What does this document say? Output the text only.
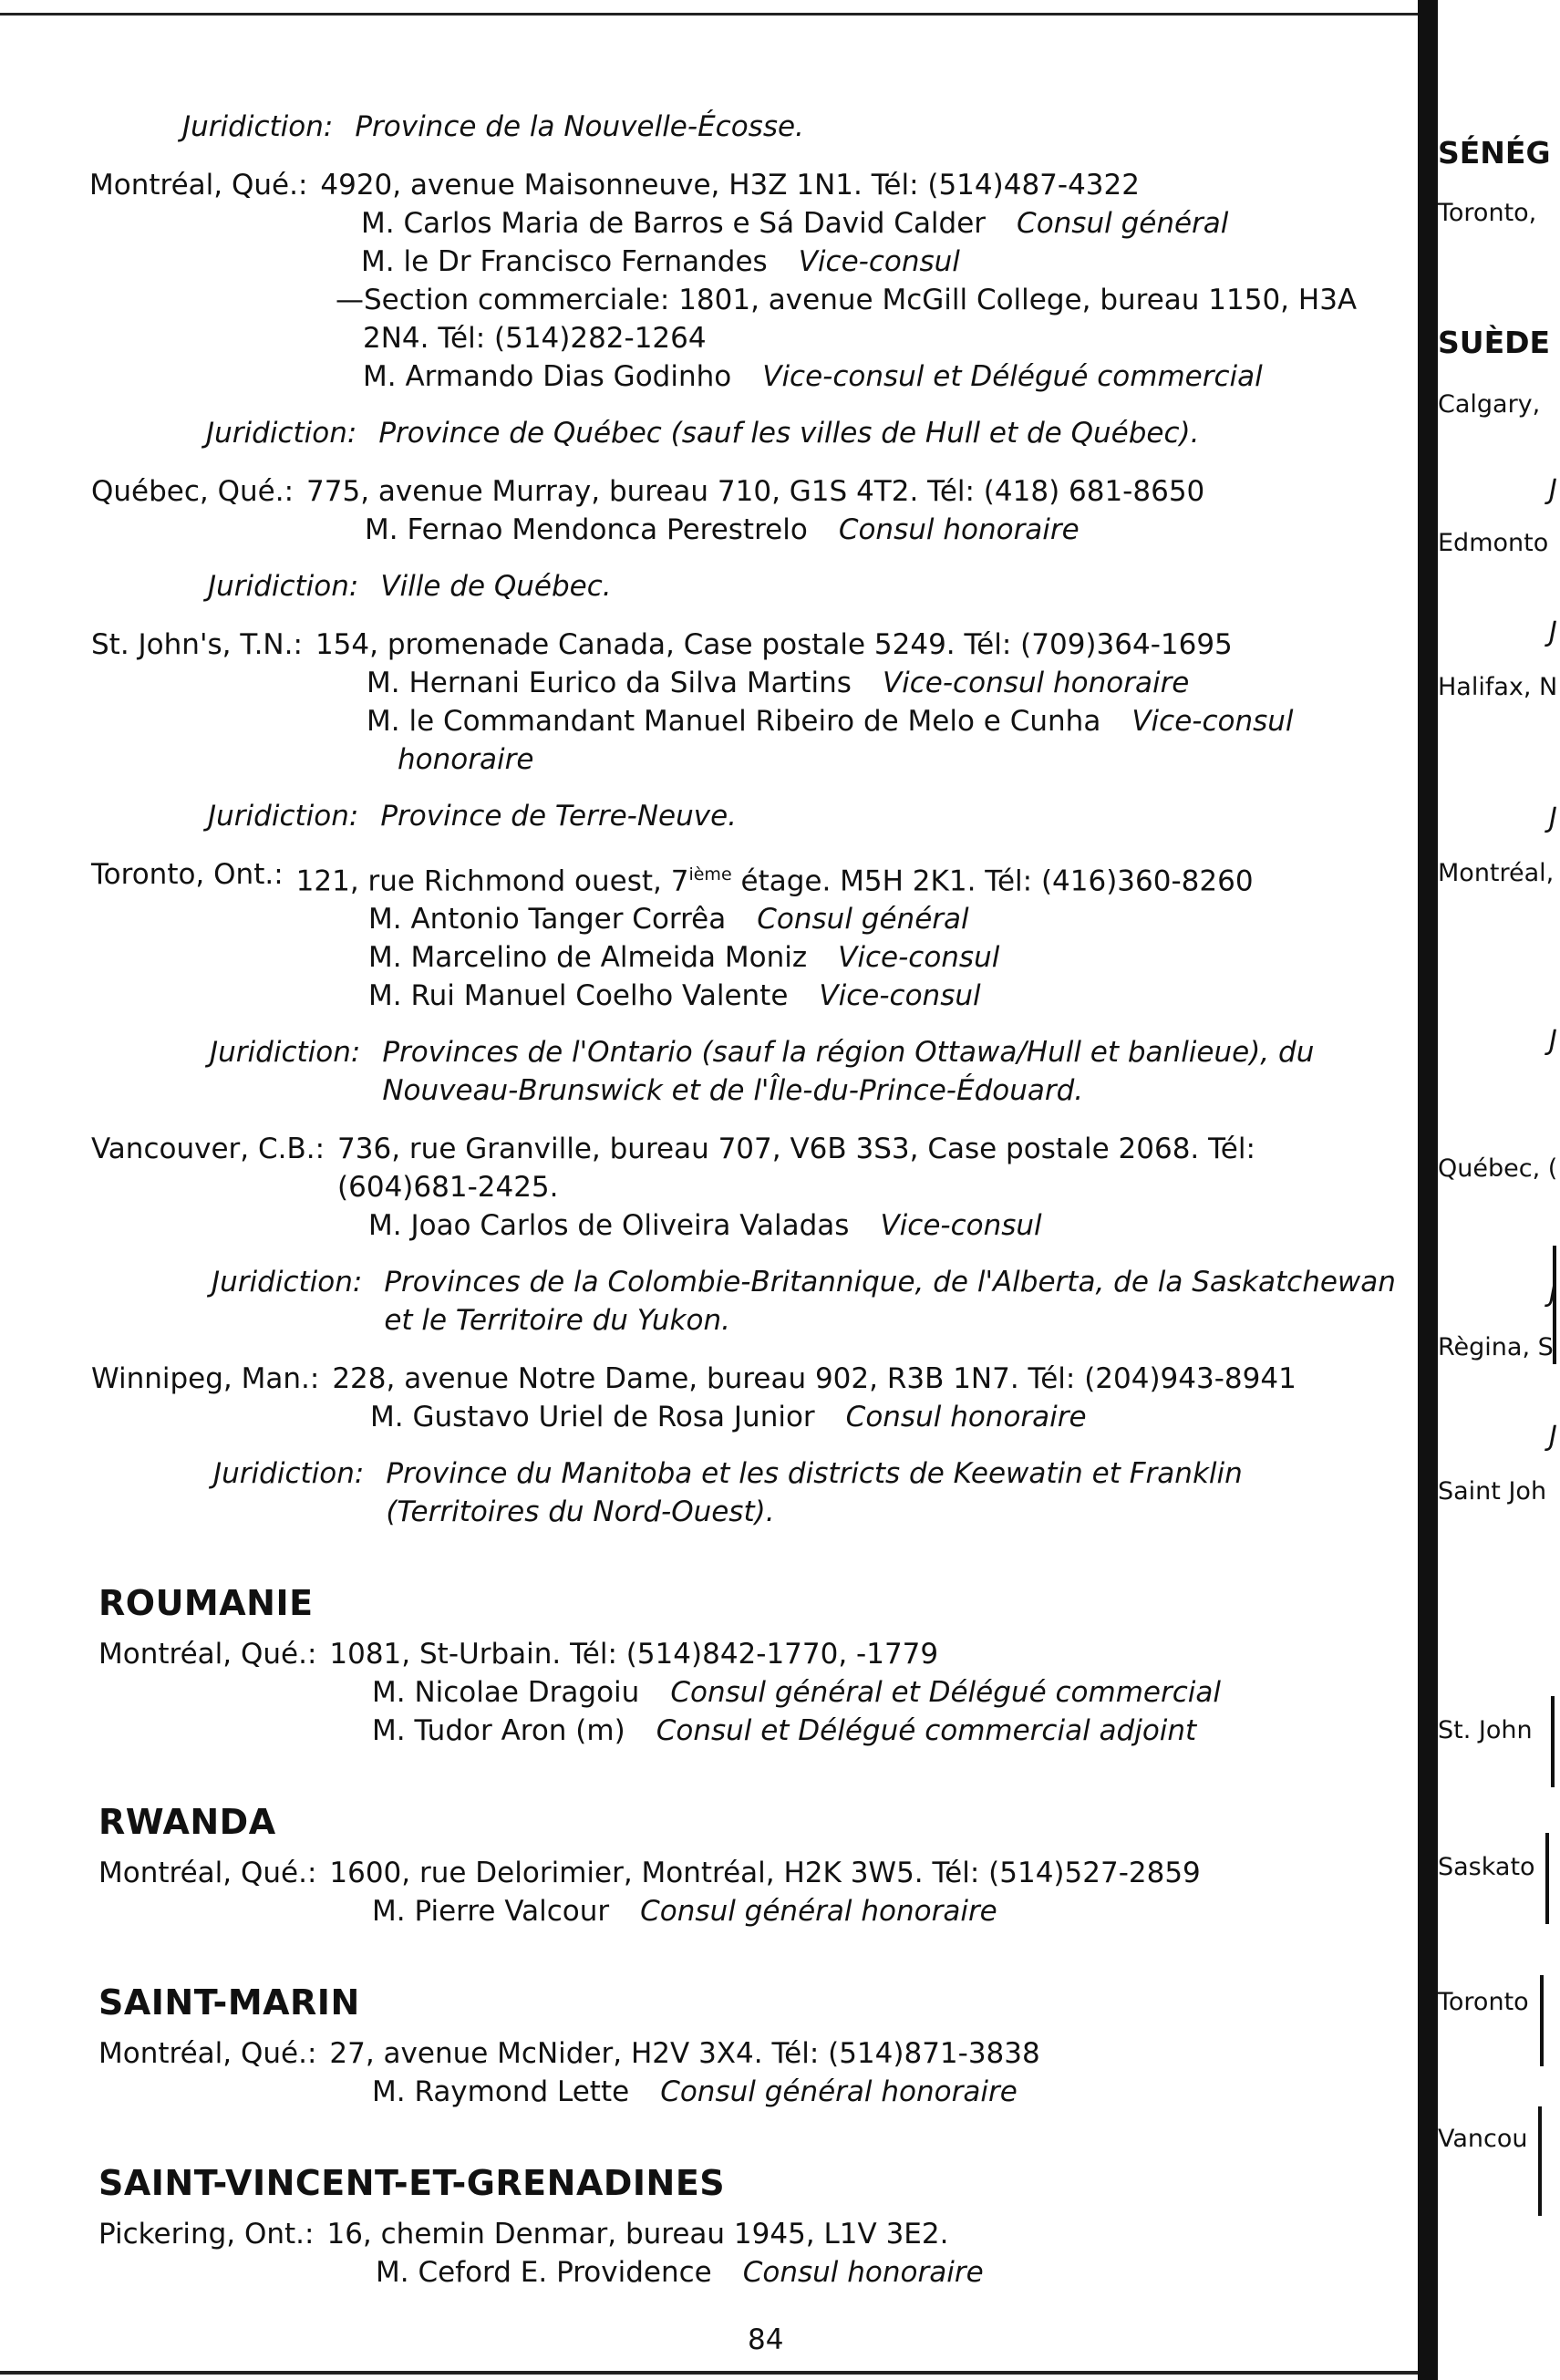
Juridiction: Province de la Nouvelle-Écosse.
Montréal, Qué.: 4920, avenue Maisonneuve, H3Z 1N1. Tél: (514)487-4322
M. Carlos Maria de Barros e Sá David Calder Consul général
M. le Dr Francisco Fernandes Vice-consul
—Section commerciale: 1801, avenue McGill College, bureau 1150, H3A
2N4. Tél: (514)282-1264
M. Armando Dias Godinho Vice-consul et Délégué commercial
Juridiction: Province de Québec (sauf les villes de Hull et de Québec).
Québec, Qué.: 775, avenue Murray, bureau 710, G1S 4T2. Tél: (418) 681-8650
M. Fernao Mendonca Perestrelo Consul honoraire
Juridiction: Ville de Québec.
St. John's, T.N.: 154, promenade Canada, Case postale 5249. Tél: (709)364-1695
M. Hernani Eurico da Silva Martins Vice-consul honoraire
M. le Commandant Manuel Ribeiro de Melo e Cunha Vice-consul
honoraire
Juridiction: Province de Terre-Neuve.
Toronto, Ont.: 121, rue Richmond ouest, 7ième étage. M5H 2K1. Tél: (416)360-8260
M. Antonio Tanger Corrêa Consul général
M. Marcelino de Almeida Moniz Vice-consul
M. Rui Manuel Coelho Valente Vice-consul
Juridiction: Provinces de l'Ontario (sauf la région Ottawa/Hull et banlieue), du
Nouveau-Brunswick et de l'Île-du-Prince-Édouard.
Vancouver, C.B.: 736, rue Granville, bureau 707, V6B 3S3, Case postale 2068. Tél:
(604)681-2425.
M. Joao Carlos de Oliveira Valadas Vice-consul
Juridiction: Provinces de la Colombie-Britannique, de l'Alberta, de la Saskatchewan
et le Territoire du Yukon.
Winnipeg, Man.: 228, avenue Notre Dame, bureau 902, R3B 1N7. Tél: (204)943-8941
M. Gustavo Uriel de Rosa Junior Consul honoraire
Juridiction: Province du Manitoba et les districts de Keewatin et Franklin
(Territoires du Nord-Ouest).
ROUMANIE
Montréal, Qué.: 1081, St-Urbain. Tél: (514)842-1770, -1779
M. Nicolae Dragoiu Consul général et Délégué commercial
M. Tudor Aron (m) Consul et Délégué commercial adjoint
RWANDA
Montréal, Qué.: 1600, rue Delorimier, Montréal, H2K 3W5. Tél: (514)527-2859
M. Pierre Valcour Consul général honoraire
SAINT-MARIN
Montréal, Qué.: 27, avenue McNider, H2V 3X4. Tél: (514)871-3838
M. Raymond Lette Consul général honoraire
SAINT-VINCENT-ET-GRENADINES
Pickering, Ont.: 16, chemin Denmar, bureau 1945, L1V 3E2.
M. Ceford E. Providence Consul honoraire
84
SÉNÉG
Toronto,
SUÈDE
Calgary,
J
Edmonto
J
Halifax, N
J
Montréal,
J
Québec, (
J
Règina, S
J
Saint Joh
St. John
Saskato
Toronto
Vancou
